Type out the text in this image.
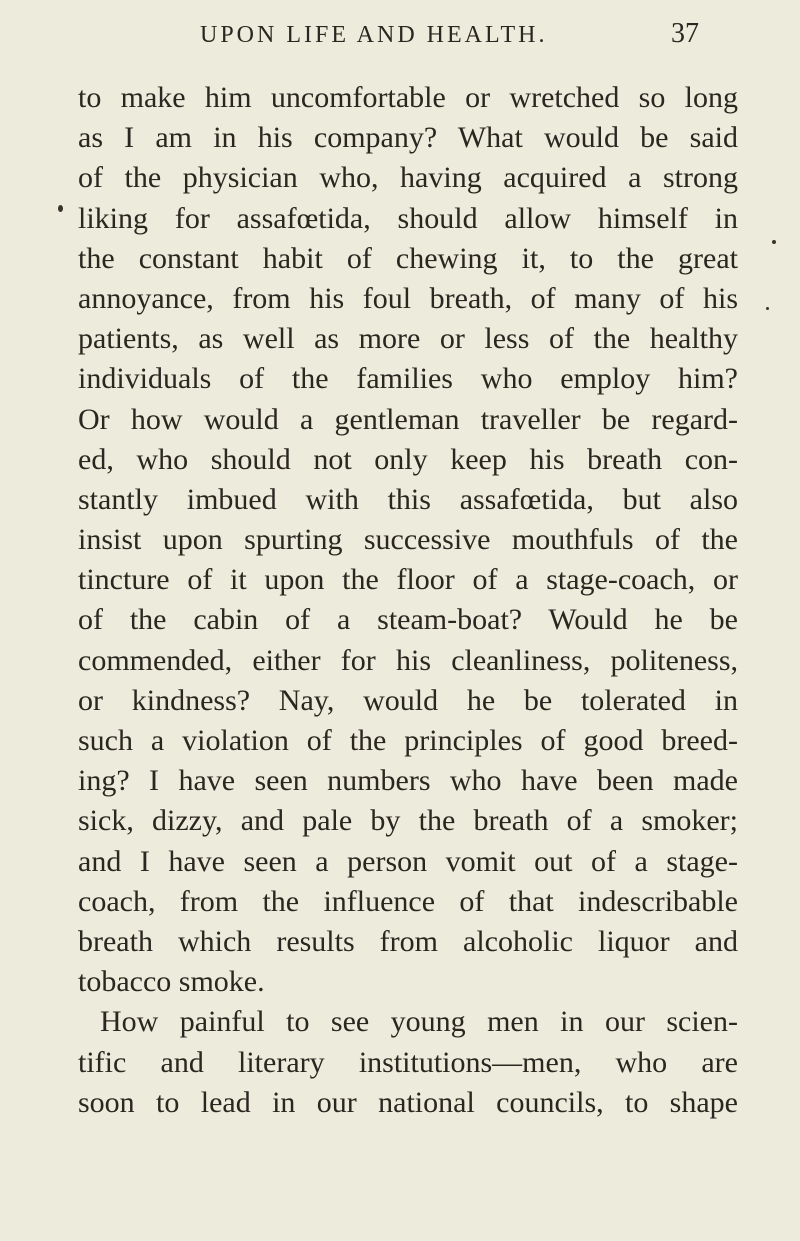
UPON LIFE AND HEALTH.	37
to make him uncomfortable or wretched so long
as I am in his company? What would be said
of the physician who, having acquired a strong
liking for assafœtida, should allow himself in
the constant habit of chewing it, to the great
annoyance, from his foul breath, of many of his
patients, as well as more or less of the healthy
individuals of the families who employ him?
Or how would a gentleman traveller be regard-
ed, who should not only keep his breath con-
stantly imbued with this assafœtida, but also
insist upon spurting successive mouthfuls of the
tincture of it upon the floor of a stage-coach, or
of the cabin of a steam-boat? Would he be
commended, either for his cleanliness, politeness,
or kindness? Nay, would he be tolerated in
such a violation of the principles of good breed-
ing? I have seen numbers who have been made
sick, dizzy, and pale by the breath of a smoker;
and I have seen a person vomit out of a stage-
coach, from the influence of that indescribable
breath which results from alcoholic liquor and
tobacco smoke.
How painful to see young men in our scien-
tific and literary institutions—men, who are
soon to lead in our national councils, to shape
